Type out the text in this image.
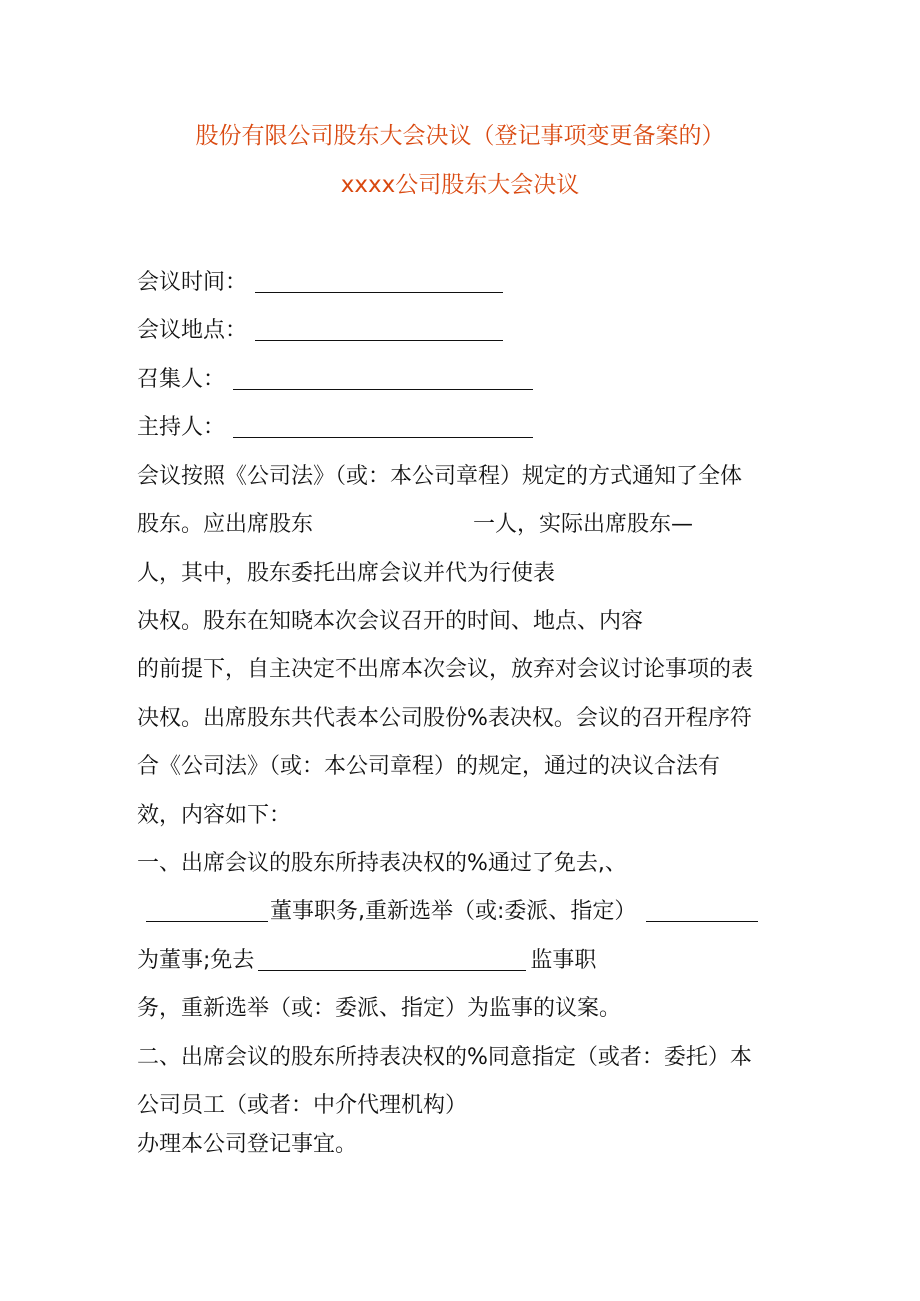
股份有限公司股东大会决议（登记事项变更备案的）
xxxx公司股东大会决议
会议时间：
会议地点：
召集人：
主持人：
会议按照《公司法》（或：本公司章程）规定的方式通知了全体
股东。应出席股东	一人，实际出席股东—
人，其中，股东委托出席会议并代为行使表
决权。股东在知晓本次会议召开的时间、地点、内容
的前提下，自主决定不出席本次会议，放弃对会议讨论事项的表
决权。出席股东共代表本公司股份%表决权。会议的召开程序符
合《公司法》（或：本公司章程）的规定，通过的决议合法有
效，内容如下：
一、出席会议的股东所持表决权的%通过了免去,、
董事职务,重新选举（或:委派、指定）
为董事;免去	监事职
务，重新选举（或：委派、指定）为监事的议案。
二、出席会议的股东所持表决权的%同意指定（或者：委托）本
公司员工（或者：中介代理机构）
办理本公司登记事宜。
